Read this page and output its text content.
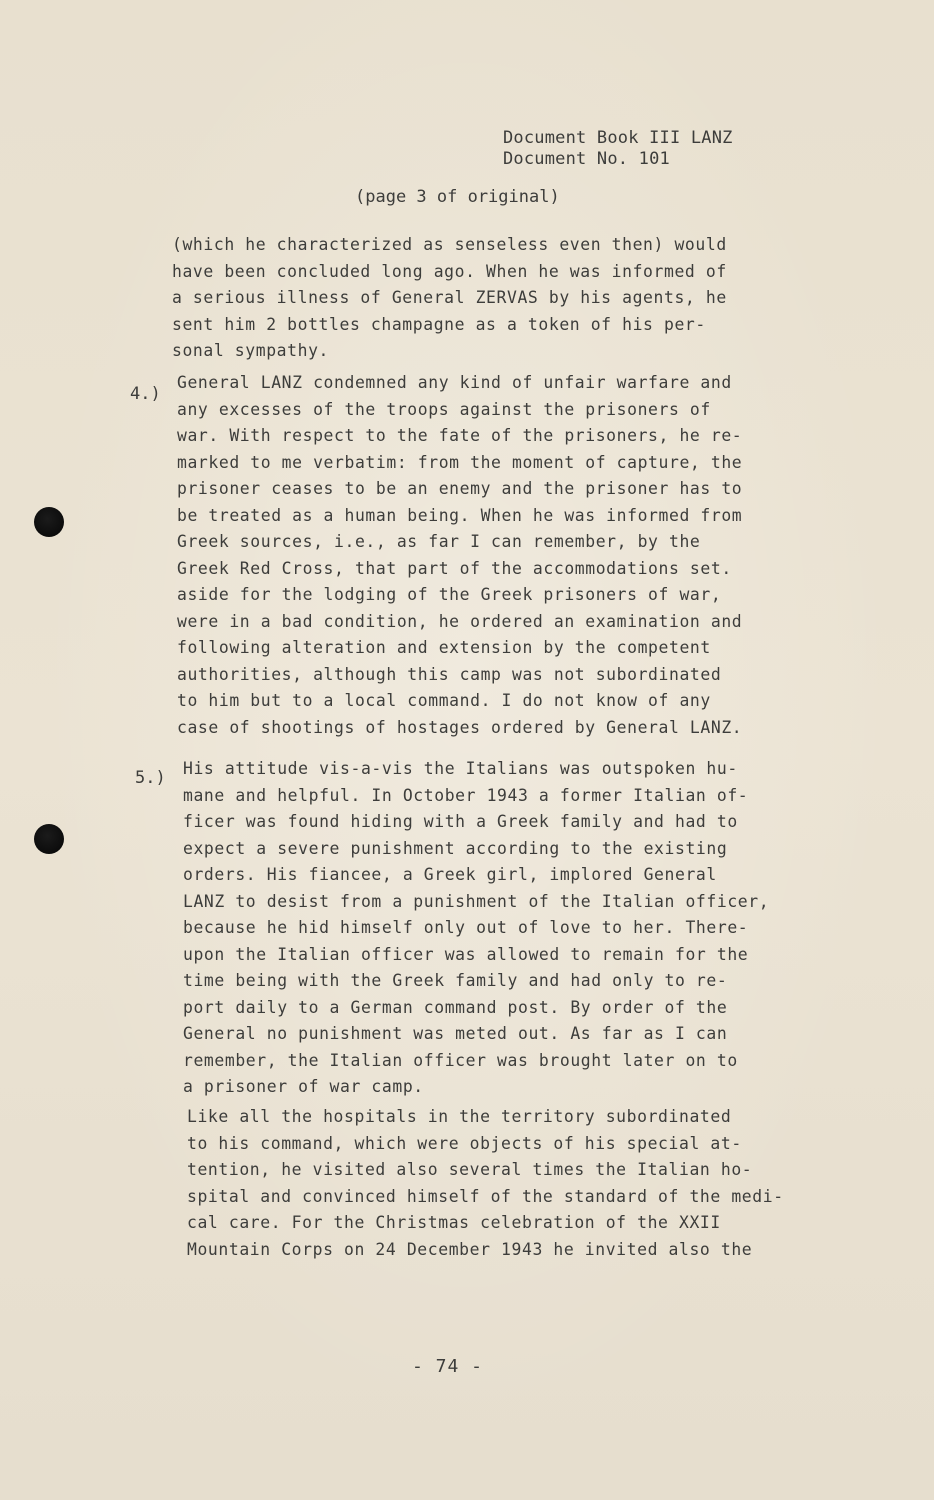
Document Book III LANZ
Document No. 101
(page 3 of original)
(which he characterized as senseless even then) would
have been concluded long ago. When he was informed of
a serious illness of General ZERVAS by his agents, he
sent him 2 bottles champagne as a token of his per-
sonal sympathy.
4.)
General LANZ condemned any kind of unfair warfare and
any excesses of the troops against the prisoners of
war. With respect to the fate of the prisoners, he re-
marked to me verbatim: from the moment of capture, the
prisoner ceases to be an enemy and the prisoner has to
be treated as a human being. When he was informed from
Greek sources, i.e., as far I can remember, by the
Greek Red Cross, that part of the accommodations set.
aside for the lodging of the Greek prisoners of war,
were in a bad condition, he ordered an examination and
following alteration and extension by the competent
authorities, although this camp was not subordinated
to him but to a local command. I do not know of any
case of shootings of hostages ordered by General LANZ.
5.) His attitude vis-a-vis the Italians was outspoken hu-
mane and helpful. In October 1943 a former Italian of-
ficer was found hiding with a Greek family and had to
expect a severe punishment according to the existing
orders. His fiancee, a Greek girl, implored General
LANZ to desist from a punishment of the Italian officer,
because he hid himself only out of love to her. There-
upon the Italian officer was allowed to remain for the
time being with the Greek family and had only to re-
port daily to a German command post. By order of the
General no punishment was meted out. As far as I can
remember, the Italian officer was brought later on to
a prisoner of war camp.
Like all the hospitals in the territory subordinated
to his command, which were objects of his special at-
tention, he visited also several times the Italian ho-
spital and convinced himself of the standard of the medi-
cal care. For the Christmas celebration of the XXII
Mountain Corps on 24 December 1943 he invited also the
- 74 -
